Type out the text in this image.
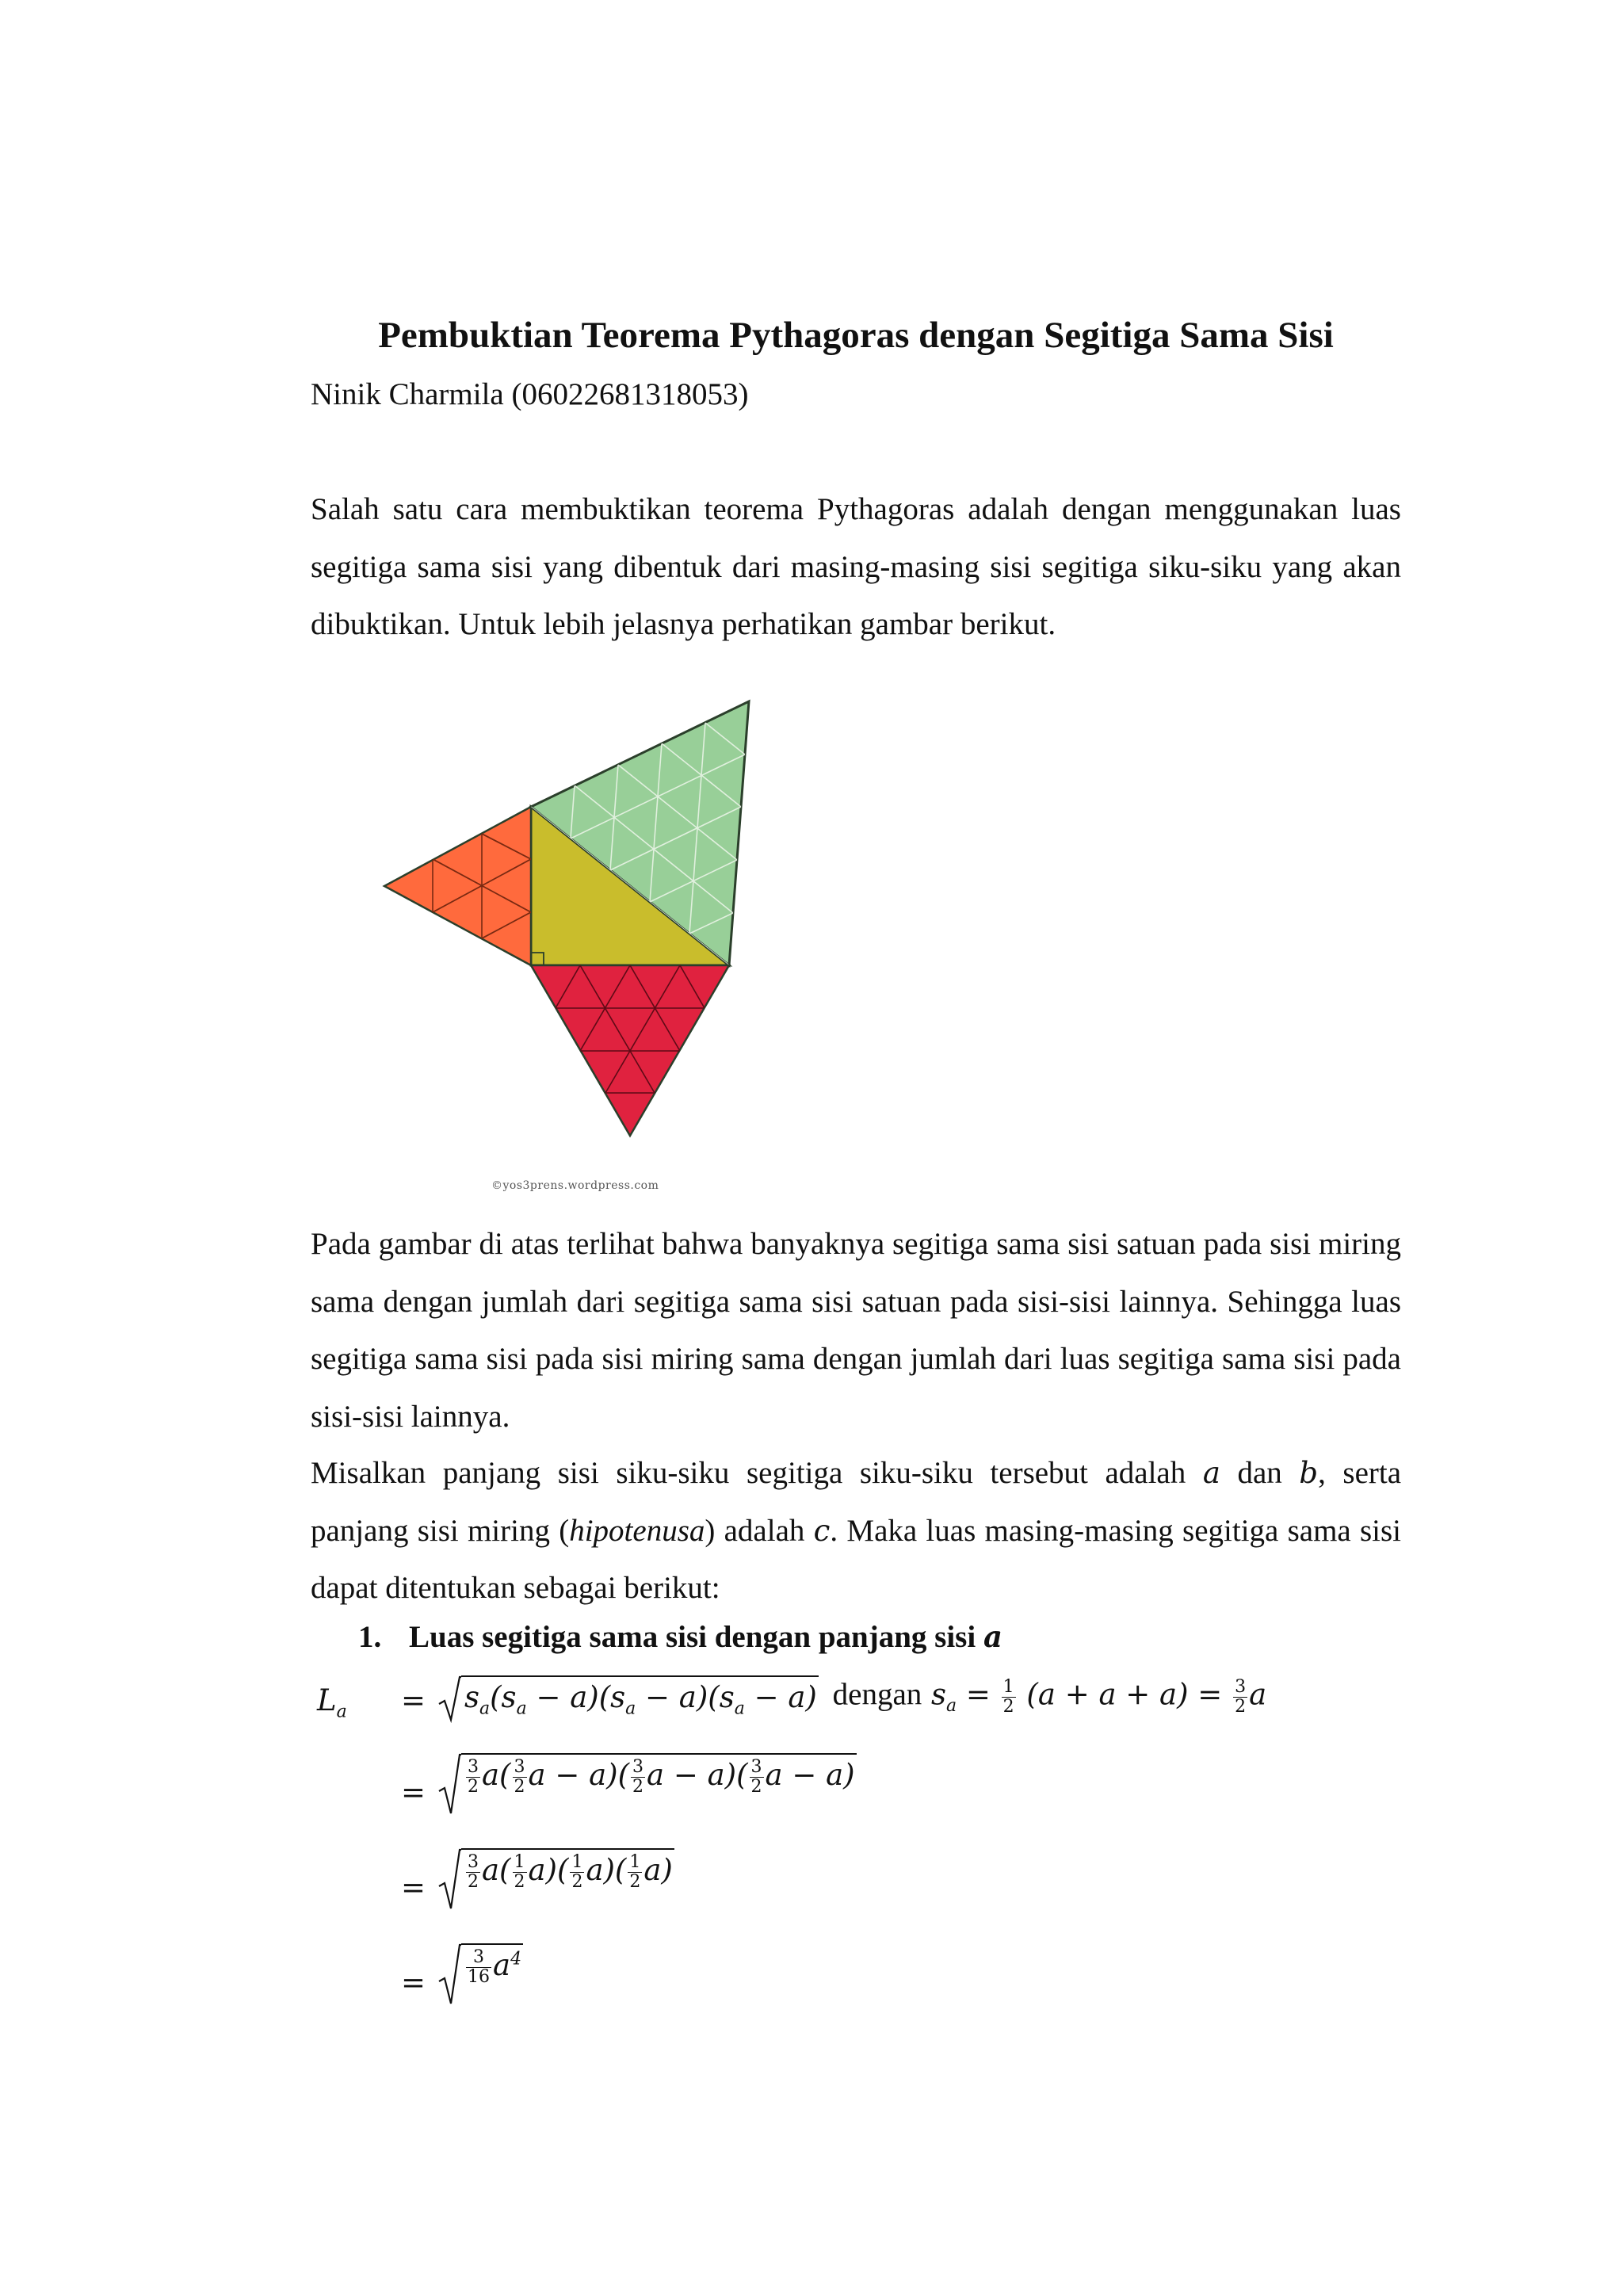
Pembuktian Teorema Pythagoras dengan Segitiga Sama Sisi

Ninik Charmila (06022681318053)

Salah satu cara membuktikan teorema Pythagoras adalah dengan menggunakan luas segitiga sama sisi yang dibentuk dari masing-masing sisi segitiga siku-siku yang akan dibuktikan. Untuk lebih jelasnya perhatikan gambar berikut.

©yos3prens.wordpress.com

Pada gambar di atas terlihat bahwa banyaknya segitiga sama sisi satuan pada sisi miring sama dengan jumlah dari segitiga sama sisi satuan pada sisi-sisi lainnya. Sehingga luas segitiga sama sisi pada sisi miring sama dengan jumlah dari luas segitiga sama sisi pada sisi-sisi lainnya.

Misalkan panjang sisi siku-siku segitiga siku-siku tersebut adalah a dan b, serta panjang sisi miring (hipotenusa) adalah c. Maka luas masing-masing segitiga sama sisi dapat ditentukan sebagai berikut:

1. Luas segitiga sama sisi dengan panjang sisi a

$L_a$ =	$s_a(s_a - a)(s_a - a)(s_a - a)$ dengan $s_a = \frac{1}{2} (a + a + a) = \frac{3}{2}$ a
= $\frac{3}{2} a( \frac{3}{2}$ $a - a)( \frac{3}{2}$ $a - a)( \frac{3}{2}$ a − a)
= $\frac{3}{2} a( \frac{1}{2} a)( \frac{1}{2} a)( \frac{1}{2} a)$
= $\frac{3}{16} a^4$
